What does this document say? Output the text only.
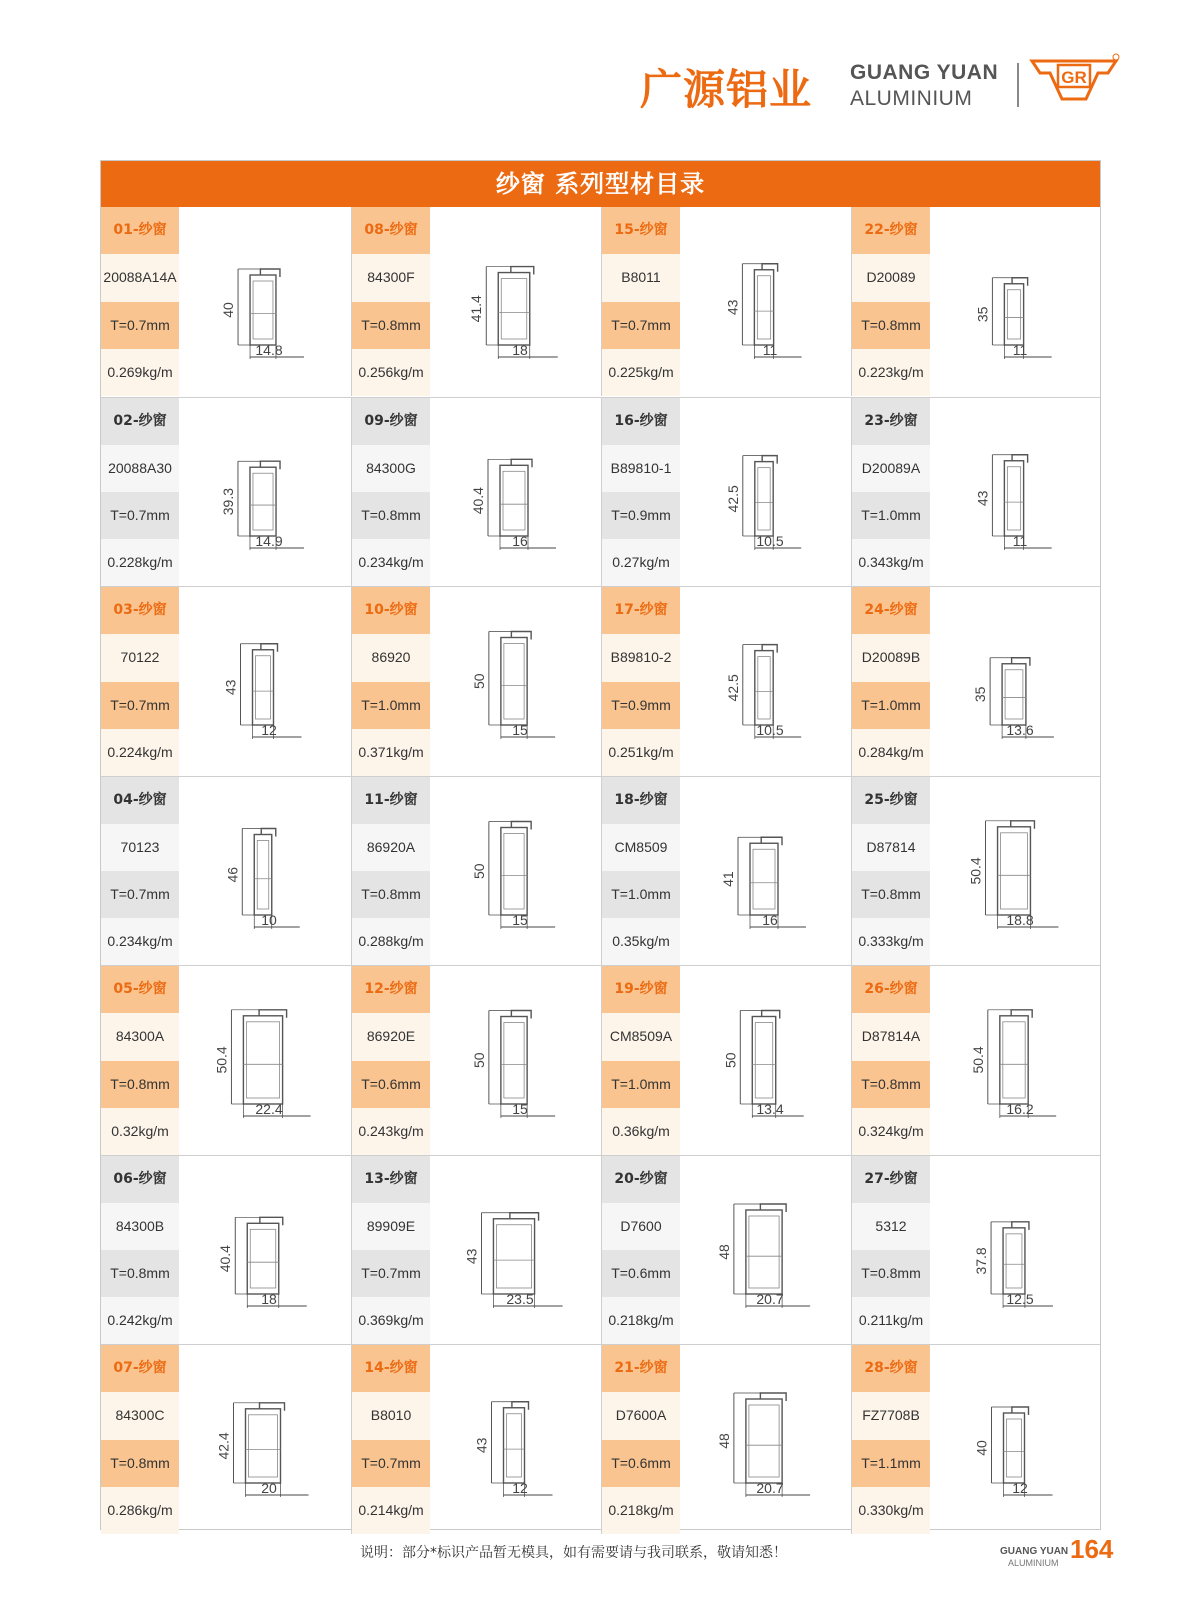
广源铝业 GUANG YUAN
ALUMINIUM
GR
纱窗 系列型材目录
01-纱窗
20088A14A
T=0.7mm
0.269kg/m
40
14.8
08-纱窗
84300F
T=0.8mm
0.256kg/m
41.4
18
15-纱窗
B8011
T=0.7mm
0.225kg/m
43
11
22-纱窗
D20089
T=0.8mm
0.223kg/m
35
11
02-纱窗
20088A30
T=0.7mm
0.228kg/m
39.3
14.9
09-纱窗
84300G
T=0.8mm
0.234kg/m
40.4
16
16-纱窗
B89810-1
T=0.9mm
0.27kg/m
42.5
10.5
23-纱窗
D20089A
T=1.0mm
0.343kg/m
43
11
03-纱窗
70122
T=0.7mm
0.224kg/m
43
12
10-纱窗
86920
T=1.0mm
0.371kg/m
50
15
17-纱窗
B89810-2
T=0.9mm
0.251kg/m
42.5
10.5
24-纱窗
D20089B
T=1.0mm
0.284kg/m
35
13.6
04-纱窗
70123
T=0.7mm
0.234kg/m
46
10
11-纱窗
86920A
T=0.8mm
0.288kg/m
50
15
18-纱窗
CM8509
T=1.0mm
0.35kg/m
41
16
25-纱窗
D87814
T=0.8mm
0.333kg/m
50.4
18.8
05-纱窗
84300A
T=0.8mm
0.32kg/m
50.4
22.4
12-纱窗
86920E
T=0.6mm
0.243kg/m
50
15
19-纱窗
CM8509A
T=1.0mm
0.36kg/m
50
13.4
26-纱窗
D87814A
T=0.8mm
0.324kg/m
50.4
16.2
06-纱窗
84300B
T=0.8mm
0.242kg/m
40.4
18
13-纱窗
89909E
T=0.7mm
0.369kg/m
43
23.5
20-纱窗
D7600
T=0.6mm
0.218kg/m
48
20.7
27-纱窗
5312
T=0.8mm
0.211kg/m
37.8
12.5
07-纱窗
84300C
T=0.8mm
0.286kg/m
42.4
20
14-纱窗
B8010
T=0.7mm
0.214kg/m
43
12
21-纱窗
D7600A
T=0.6mm
0.218kg/m
48
20.7
28-纱窗
FZ7708B
T=1.1mm
0.330kg/m
40
12
说明：部分*标识产品暂无模具，如有需要请与我司联系，敬请知悉！	GUANG YUAN
ALUMINIUM 164
